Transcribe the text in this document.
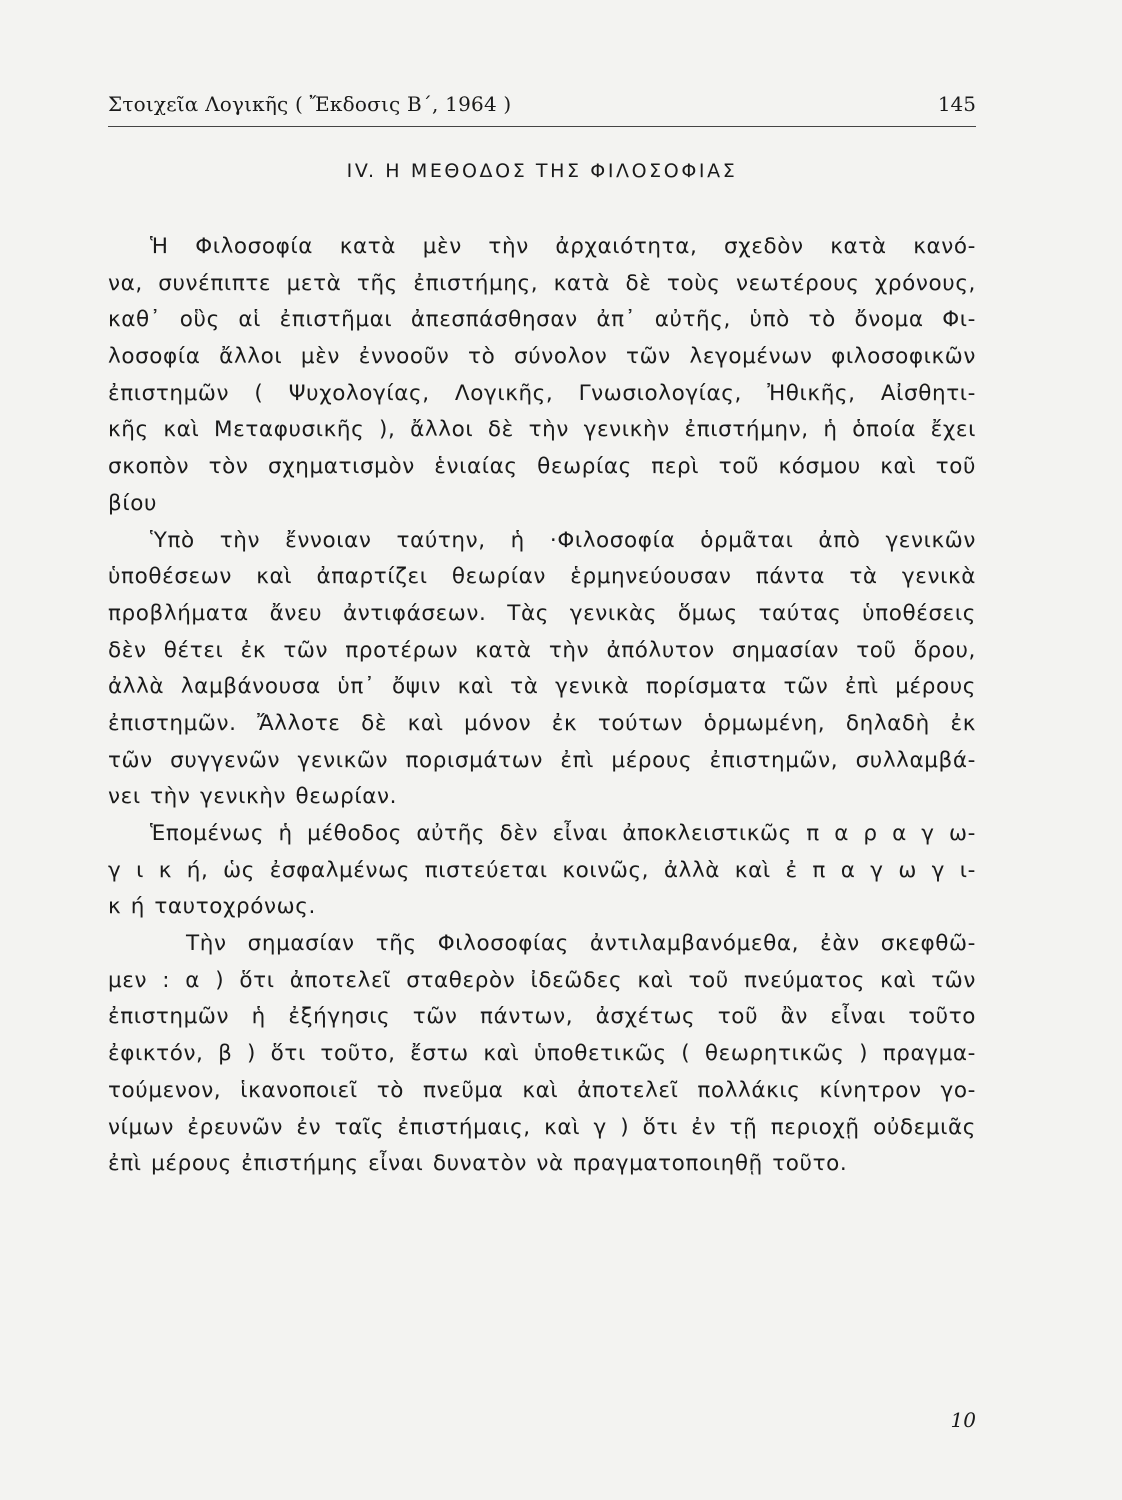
Στοιχεῖα Λογικῆς ( Ἔκδοσις Β΄, 1964 )	145
IV. Η ΜΕΘΟΔΟΣ ΤΗΣ ΦΙΛΟΣΟΦΙΑΣ
Ἡ Φιλοσοφία κατὰ μὲν τὴν ἀρχαιότητα, σχεδὸν κατὰ κανό-
να, συνέπιπτε μετὰ τῆς ἐπιστήμης, κατὰ δὲ τοὺς νεωτέρους χρόνους,
καθ᾽ οὓς αἱ ἐπιστῆμαι ἀπεσπάσθησαν ἀπ᾽ αὐτῆς, ὑπὸ τὸ ὄνομα Φι-
λοσοφία ἄλλοι μὲν ἐννοοῦν τὸ σύνολον τῶν λεγομένων φιλοσοφικῶν
ἐπιστημῶν ( Ψυχολογίας, Λογικῆς, Γνωσιολογίας, Ἠθικῆς, Αἰσθητι-
κῆς καὶ Μεταφυσικῆς ), ἄλλοι δὲ τὴν γενικὴν ἐπιστήμην, ἡ ὁποία ἔχει
σκοπὸν τὸν σχηματισμὸν ἑνιαίας θεωρίας περὶ τοῦ κόσμου καὶ τοῦ
βίου
Ὑπὸ τὴν ἔννοιαν ταύτην, ἡ ·Φιλοσοφία ὁρμᾶται ἀπὸ γενικῶν
ὑποθέσεων καὶ ἀπαρτίζει θεωρίαν ἑρμηνεύουσαν πάντα τὰ γενικὰ
προβλήματα ἄνευ ἀντιφάσεων. Τὰς γενικὰς ὅμως ταύτας ὑποθέσεις
δὲν θέτει ἐκ τῶν προτέρων κατὰ τὴν ἀπόλυτον σημασίαν τοῦ ὅρου,
ἀλλὰ λαμβάνουσα ὑπ᾽ ὄψιν καὶ τὰ γενικὰ πορίσματα τῶν ἐπὶ μέρους
ἐπιστημῶν. Ἄλλοτε δὲ καὶ μόνον ἐκ τούτων ὁρμωμένη, δηλαδὴ ἐκ
τῶν συγγενῶν γενικῶν πορισμάτων ἐπὶ μέρους ἐπιστημῶν, συλλαμβά-
νει τὴν γενικὴν θεωρίαν.
Ἑπομένως ἡ μέθοδος αὐτῆς δὲν εἶναι ἀποκλειστικῶς π α ρ α γ ω-
γ ι κ ή, ὡς ἐσφαλμένως πιστεύεται κοινῶς, ἀλλὰ καὶ ἐ π α γ ω γ ι-
κ ή ταυτοχρόνως.
Τὴν σημασίαν τῆς Φιλοσοφίας ἀντιλαμβανόμεθα, ἐὰν σκεφθῶ-
μεν : α ) ὅτι ἀποτελεῖ σταθερὸν ἰδεῶδες καὶ τοῦ πνεύματος καὶ τῶν
ἐπιστημῶν ἡ ἐξήγησις τῶν πάντων, ἀσχέτως τοῦ ἂν εἶναι τοῦτο
ἐφικτόν, β ) ὅτι τοῦτο, ἔστω καὶ ὑποθετικῶς ( θεωρητικῶς ) πραγμα-
τούμενον, ἱκανοποιεῖ τὸ πνεῦμα καὶ ἀποτελεῖ πολλάκις κίνητρον γο-
νίμων ἐρευνῶν ἐν ταῖς ἐπιστήμαις, καὶ γ ) ὅτι ἐν τῇ περιοχῇ οὐδεμιᾶς
ἐπὶ μέρους ἐπιστήμης εἶναι δυνατὸν νὰ πραγματοποιηθῇ τοῦτο.
10
